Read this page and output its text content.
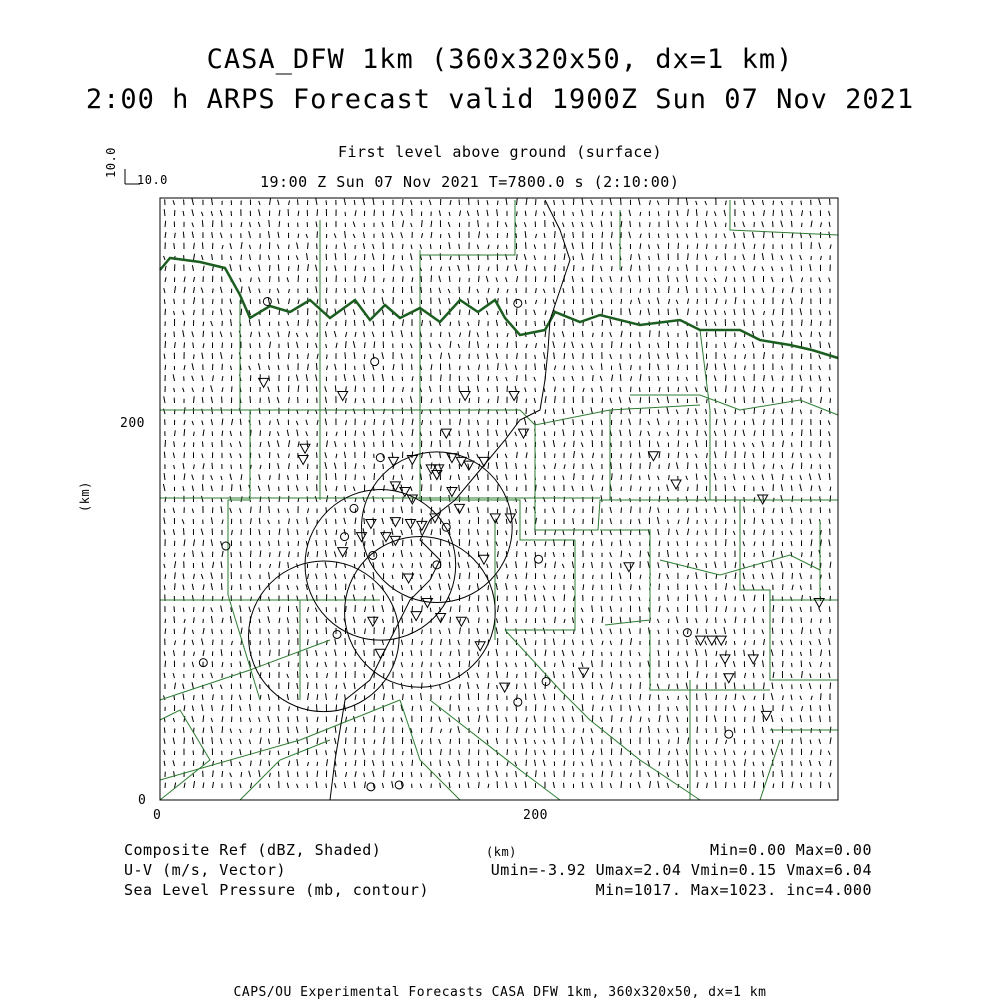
CASA_DFW 1km (360x320x50, dx=1 km)
2:00 h ARPS Forecast valid 1900Z Sun 07 Nov 2021
First level above ground (surface)
19:00 Z Sun 07 Nov 2021 T=7800.0 s (2:10:00)
10.0
10.0
(km)
200
0
0	200
Composite Ref (dBZ, Shaded)
U-V (m/s, Vector)
Sea Level Pressure (mb, contour)
(km)	Min=0.00 Max=0.00
Umin=-3.92 Umax=2.04 Vmin=0.15 Vmax=6.04
Min=1017. Max=1023. inc=4.000
CAPS/OU Experimental Forecasts CASA DFW 1km, 360x320x50, dx=1 km
